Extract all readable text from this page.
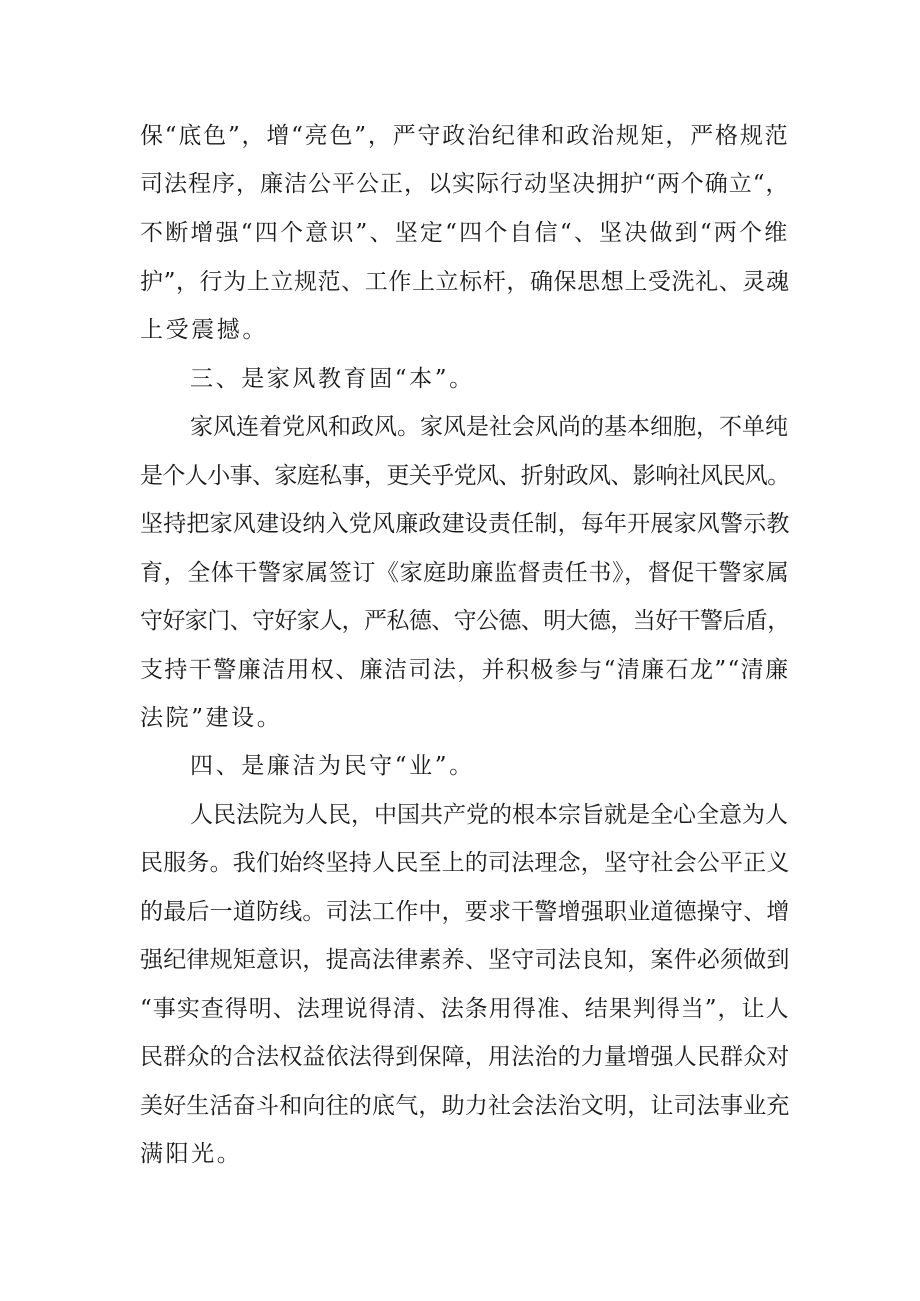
保“底色”，增“亮色”，严守政治纪律和政治规矩，严格规范
司法程序，廉洁公平公正，以实际行动坚决拥护“两个确立“，
不断增强“四个意识”、坚定“四个自信“、坚决做到“两个维
护”，行为上立规范、工作上立标杆，确保思想上受洗礼、灵魂
上受震撼。
三、是家风教育固“本”。
家风连着党风和政风。家风是社会风尚的基本细胞，不单纯
是个人小事、家庭私事，更关乎党风、折射政风、影响社风民风。
坚持把家风建设纳入党风廉政建设责任制，每年开展家风警示教
育，全体干警家属签订《家庭助廉监督责任书》，督促干警家属
守好家门、守好家人，严私德、守公德、明大德，当好干警后盾，
支持干警廉洁用权、廉洁司法，并积极参与“清廉石龙”“清廉
法院”建设。
四、是廉洁为民守“业”。
人民法院为人民，中国共产党的根本宗旨就是全心全意为人
民服务。我们始终坚持人民至上的司法理念，坚守社会公平正义
的最后一道防线。司法工作中，要求干警增强职业道德操守、增
强纪律规矩意识，提高法律素养、坚守司法良知，案件必须做到
“事实查得明、法理说得清、法条用得准、结果判得当”，让人
民群众的合法权益依法得到保障，用法治的力量增强人民群众对
美好生活奋斗和向往的底气，助力社会法治文明，让司法事业充
满阳光。
